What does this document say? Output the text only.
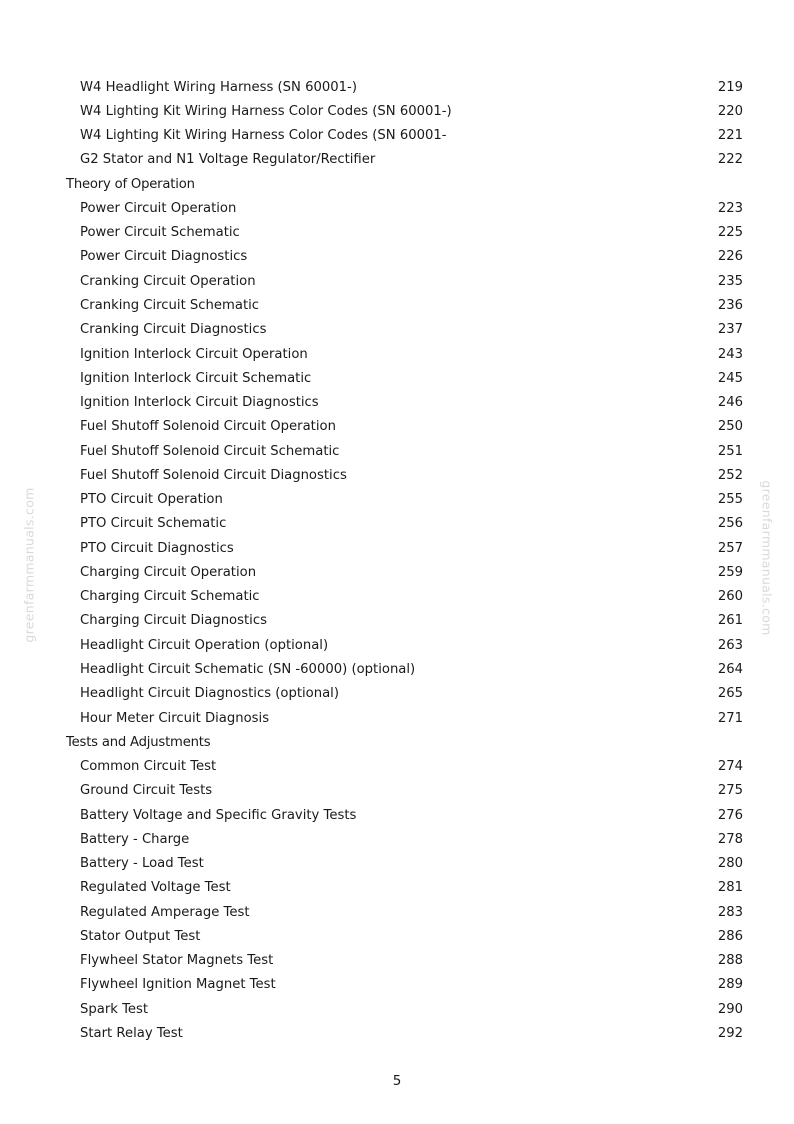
W4 Headlight Wiring Harness (SN 60001-)	219
W4 Lighting Kit Wiring Harness Color Codes (SN 60001-)	220
W4 Lighting Kit Wiring Harness Color Codes (SN 60001-	221
G2 Stator and N1 Voltage Regulator/Rectifier	222
Theory of Operation
Power Circuit Operation	223
Power Circuit Schematic	225
Power Circuit Diagnostics	226
Cranking Circuit Operation	235
Cranking Circuit Schematic	236
Cranking Circuit Diagnostics	237
Ignition Interlock Circuit Operation	243
Ignition Interlock Circuit Schematic	245
Ignition Interlock Circuit Diagnostics	246
Fuel Shutoff Solenoid Circuit Operation	250
Fuel Shutoff Solenoid Circuit Schematic	251
Fuel Shutoff Solenoid Circuit Diagnostics	252
PTO Circuit Operation	255
PTO Circuit Schematic	256
PTO Circuit Diagnostics	257
Charging Circuit Operation	259
Charging Circuit Schematic	260
Charging Circuit Diagnostics	261
Headlight Circuit Operation (optional)	263
Headlight Circuit Schematic (SN -60000) (optional)	264
Headlight Circuit Diagnostics (optional)	265
Hour Meter Circuit Diagnosis	271
Tests and Adjustments
Common Circuit Test	274
Ground Circuit Tests	275
Battery Voltage and Specific Gravity Tests	276
Battery - Charge	278
Battery - Load Test	280
Regulated Voltage Test	281
Regulated Amperage Test	283
Stator Output Test	286
Flywheel Stator Magnets Test	288
Flywheel Ignition Magnet Test	289
Spark Test	290
Start Relay Test	292
5
greenfarmmanuals.com	greenfarmmanuals.com
